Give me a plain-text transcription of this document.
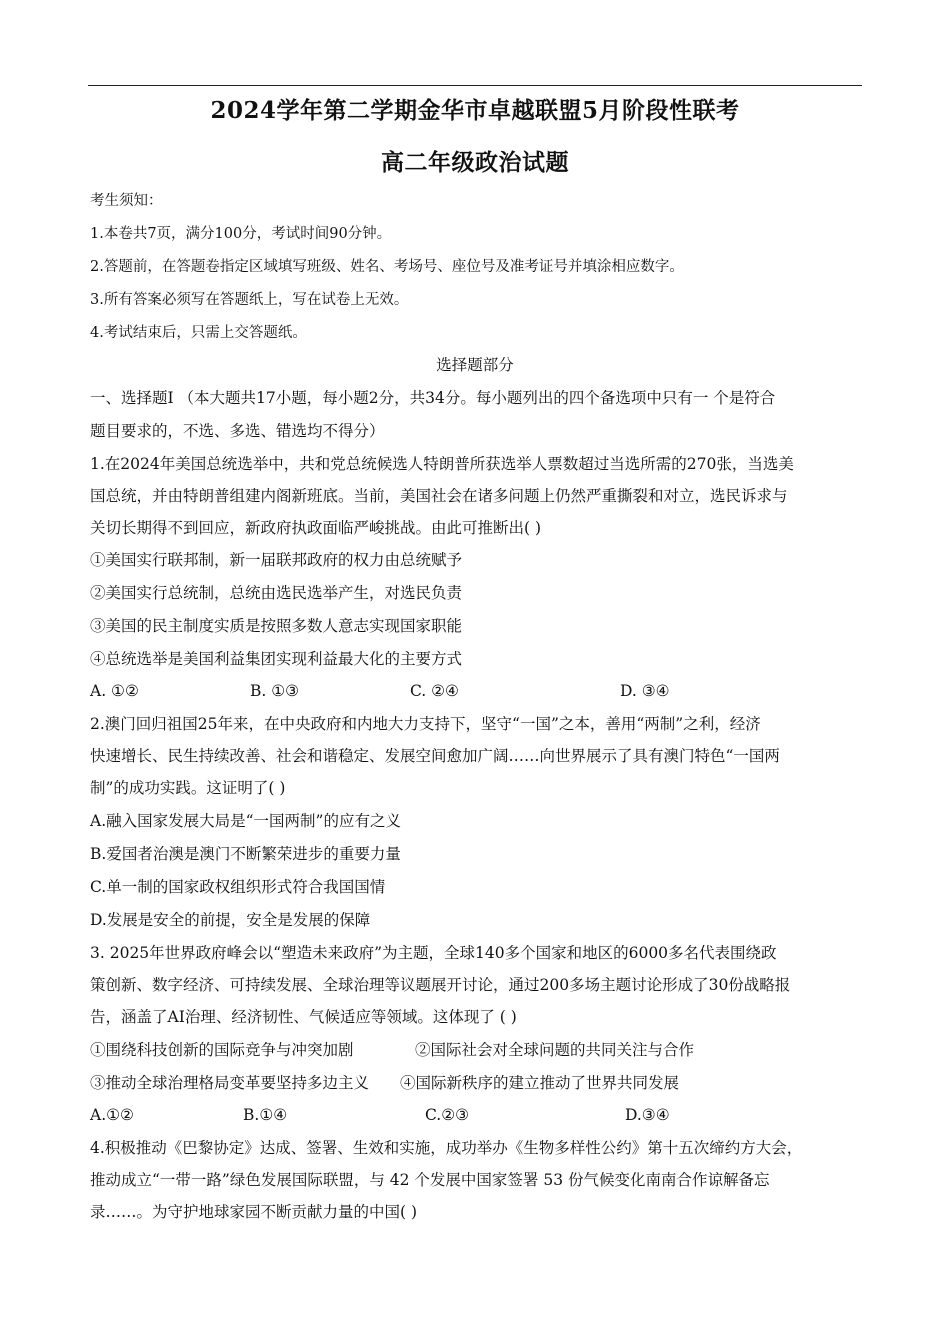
2024学年第二学期金华市卓越联盟5月阶段性联考
高二年级政治试题
考生须知：
1.本卷共7页，满分100分，考试时间90分钟。
2.答题前，在答题卷指定区域填写班级、姓名、考场号、座位号及准考证号并填涂相应数字。
3.所有答案必须写在答题纸上，写在试卷上无效。
4.考试结束后，只需上交答题纸。
选择题部分
一、选择题Ⅰ （本大题共17小题，每小题2分，共34分。每小题列出的四个备选项中只有一 个是符合
题目要求的，不选、多选、错选均不得分）
1.在2024年美国总统选举中，共和党总统候选人特朗普所获选举人票数超过当选所需的270张，当选美
国总统，并由特朗普组建内阁新班底。当前，美国社会在诸多问题上仍然严重撕裂和对立，选民诉求与
关切长期得不到回应，新政府执政面临严峻挑战。由此可推断出( )
①美国实行联邦制，新一届联邦政府的权力由总统赋予
②美国实行总统制，总统由选民选举产生，对选民负责
③美国的民主制度实质是按照多数人意志实现国家职能
④总统选举是美国利益集团实现利益最大化的主要方式
A. ①②	B. ①③	C. ②④	D. ③④
2.澳门回归祖国25年来，在中央政府和内地大力支持下，坚守“一国”之本，善用“两制”之利，经济
快速增长、民生持续改善、社会和谐稳定、发展空间愈加广阔……向世界展示了具有澳门特色“一国两
制”的成功实践。这证明了( )
A.融入国家发展大局是“一国两制”的应有之义
B.爱国者治澳是澳门不断繁荣进步的重要力量
C.单一制的国家政权组织形式符合我国国情
D.发展是安全的前提，安全是发展的保障
3. 2025年世界政府峰会以“塑造未来政府”为主题，全球140多个国家和地区的6000多名代表围绕政
策创新、数字经济、可持续发展、全球治理等议题展开讨论，通过200多场主题讨论形成了30份战略报
告，涵盖了AI治理、经济韧性、气候适应等领域。这体现了 ( )
①围绕科技创新的国际竞争与冲突加剧	②国际社会对全球问题的共同关注与合作
③推动全球治理格局变革要坚持多边主义 ④国际新秩序的建立推动了世界共同发展
A.①②	B.①④	C.②③	D.③④
4.积极推动《巴黎协定》达成、签署、生效和实施，成功举办《生物多样性公约》第十五次缔约方大会，
推动成立“一带一路”绿色发展国际联盟，与 42 个发展中国家签署 53 份气候变化南南合作谅解备忘
录……。为守护地球家园不断贡献力量的中国( )
